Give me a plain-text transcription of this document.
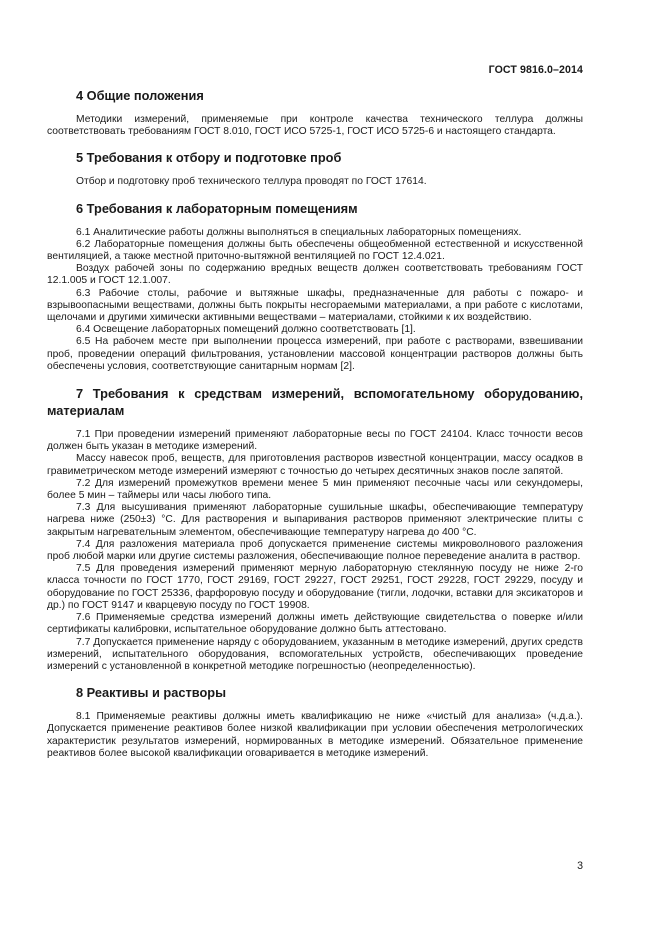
ГОСТ 9816.0–2014
4 Общие положения

Методики измерений, применяемые при контроле качества технического теллура должны соответствовать требованиям ГОСТ 8.010, ГОСТ ИСО 5725-1, ГОСТ ИСО 5725-6 и настоящего стандарта.

5 Требования к отбору и подготовке проб

Отбор и подготовку проб технического теллура проводят по ГОСТ 17614.

6 Требования к лабораторным помещениям

6.1 Аналитические работы должны выполняться в специальных лабораторных помещениях.

6.2 Лабораторные помещения должны быть обеспечены общеобменной естественной и искусственной вентиляцией, а также местной приточно-вытяжной вентиляцией по ГОСТ 12.4.021.

Воздух рабочей зоны по содержанию вредных веществ должен соответствовать требованиям ГОСТ 12.1.005 и ГОСТ 12.1.007.

6.3 Рабочие столы, рабочие и вытяжные шкафы, предназначенные для работы с пожаро- и взрывоопасными веществами, должны быть покрыты несгораемыми материалами, а при работе с кислотами, щелочами и другими химически активными веществами – материалами, стойкими к их воздействию.

6.4 Освещение лабораторных помещений должно соответствовать [1].

6.5 На рабочем месте при выполнении процесса измерений, при работе с растворами, взвешивании проб, проведении операций фильтрования, установлении массовой концентрации растворов должны быть обеспечены условия, соответствующие санитарным нормам [2].

7 Требования к средствам измерений, вспомогательному оборудованию, материалам

7.1 При проведении измерений применяют лабораторные весы по ГОСТ 24104. Класс точности весов должен быть указан в методике измерений.

Массу навесок проб, веществ, для приготовления растворов известной концентрации, массу осадков в гравиметрическом методе измерений измеряют с точностью до четырех десятичных знаков после запятой.

7.2 Для измерений промежутков времени менее 5 мин применяют песочные часы или секундомеры, более 5 мин – таймеры или часы любого типа.

7.3 Для высушивания применяют лабораторные сушильные шкафы, обеспечивающие температуру нагрева ниже (250±3) °С. Для растворения и выпаривания растворов применяют электрические плиты с закрытым нагревательным элементом, обеспечивающие температуру нагрева до 400 °С.

7.4 Для разложения материала проб допускается применение системы микроволнового разложения проб любой марки или другие системы разложения, обеспечивающие полное переведение аналита в раствор.

7.5 Для проведения измерений применяют мерную лабораторную стеклянную посуду не ниже 2-го класса точности по ГОСТ 1770, ГОСТ 29169, ГОСТ 29227, ГОСТ 29251, ГОСТ 29228, ГОСТ 29229, посуду и оборудование по ГОСТ 25336, фарфоровую посуду и оборудование (тигли, лодочки, вставки для эксикаторов и др.) по ГОСТ 9147 и кварцевую посуду по ГОСТ 19908.

7.6 Применяемые средства измерений должны иметь действующие свидетельства о поверке и/или сертификаты калибровки, испытательное оборудование должно быть аттестовано.

7.7 Допускается применение наряду с оборудованием, указанным в методике измерений, других средств измерений, испытательного оборудования, вспомогательных устройств, обеспечивающих проведение измерений с установленной в конкретной методике погрешностью (неопределенностью).

8 Реактивы и растворы

8.1 Применяемые реактивы должны иметь квалификацию не ниже «чистый для анализа» (ч.д.а.). Допускается применение реактивов более низкой квалификации при условии обеспечения метрологических характеристик результатов измерений, нормированных в методике измерений. Обязательное применение реактивов более высокой квалификации оговаривается в методике измерений.

3
